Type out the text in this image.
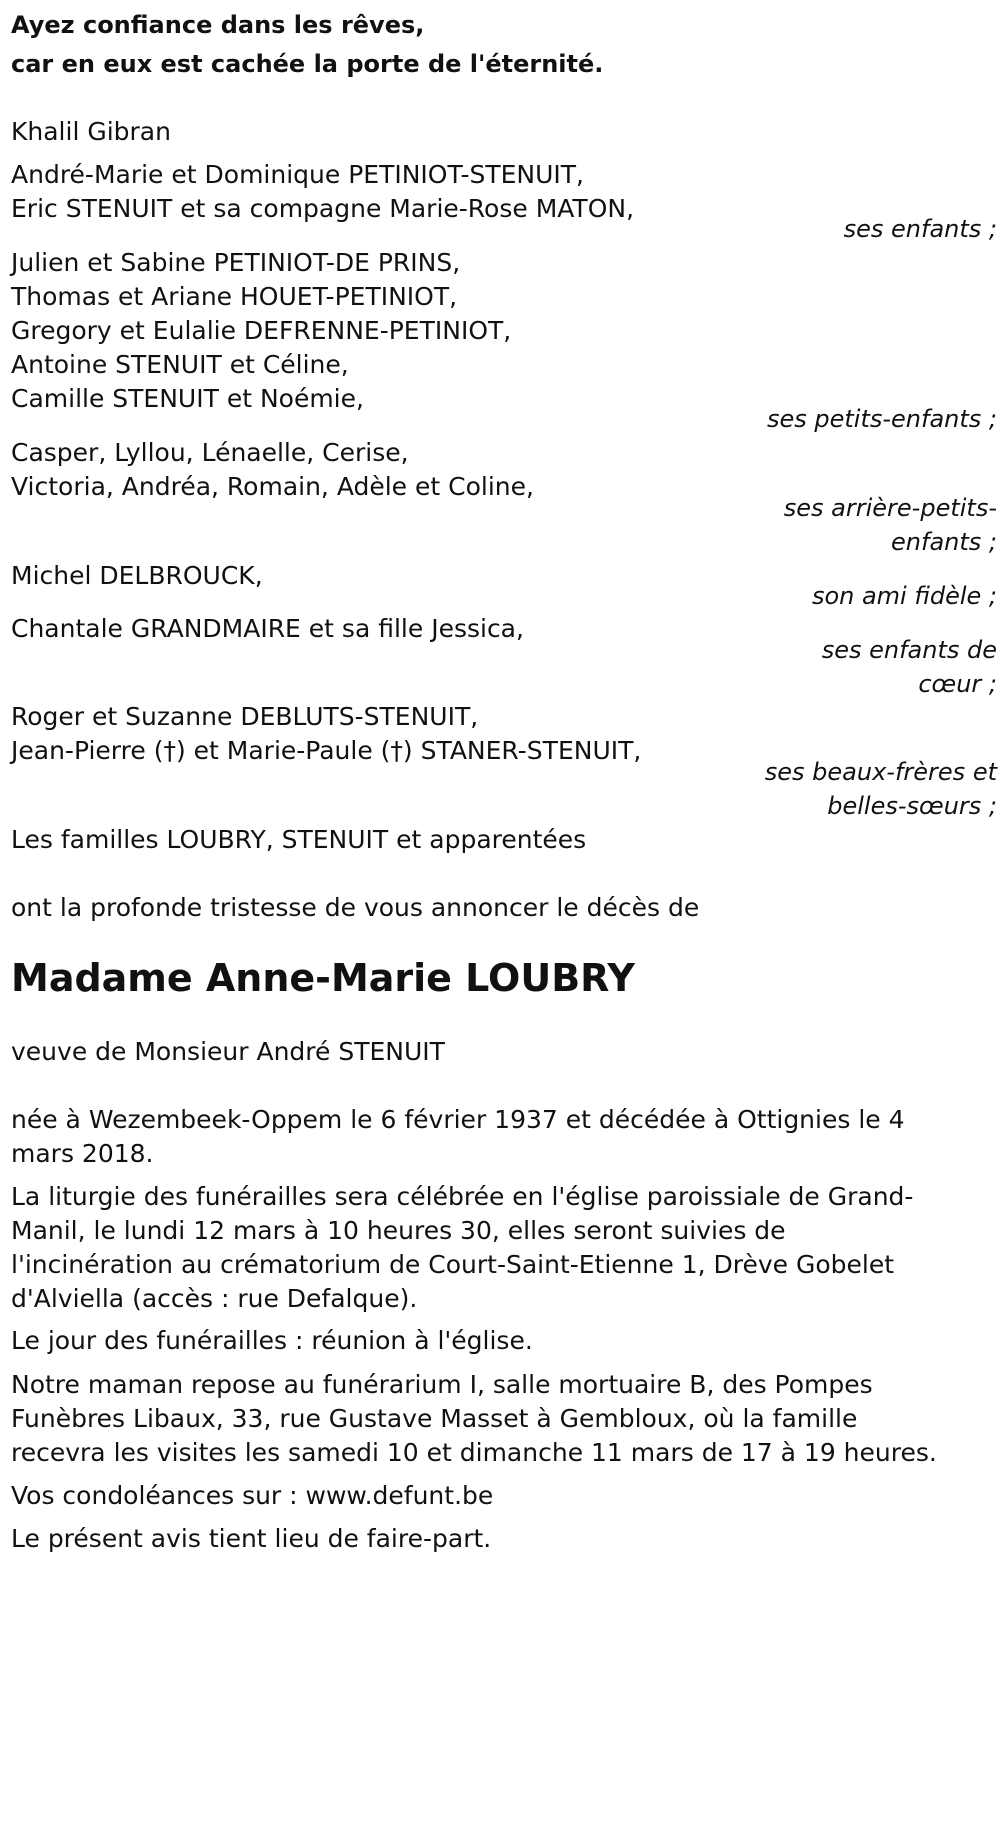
Ayez confiance dans les rêves,
car en eux est cachée la porte de l'éternité.
Khalil Gibran
André-Marie et Dominique PETINIOT-STENUIT,
Eric STENUIT et sa compagne Marie-Rose MATON,
ses enfants ;
Julien et Sabine PETINIOT-DE PRINS,
Thomas et Ariane HOUET-PETINIOT,
Gregory et Eulalie DEFRENNE-PETINIOT,
Antoine STENUIT et Céline,
Camille STENUIT et Noémie,
ses petits-enfants ;
Casper, Lyllou, Lénaelle, Cerise,
Victoria, Andréa, Romain, Adèle et Coline,
ses arrière-petits-
enfants ;
Michel DELBROUCK,
son ami fidèle ;
Chantale GRANDMAIRE et sa fille Jessica,
ses enfants de
cœur ;
Roger et Suzanne DEBLUTS-STENUIT,
Jean-Pierre (†) et Marie-Paule (†) STANER-STENUIT,
ses beaux-frères et
belles-sœurs ;
Les familles LOUBRY, STENUIT et apparentées
ont la profonde tristesse de vous annoncer le décès de
Madame Anne-Marie LOUBRY
veuve de Monsieur André STENUIT
née à Wezembeek-Oppem le 6 février 1937 et décédée à Ottignies le 4
mars 2018.
La liturgie des funérailles sera célébrée en l'église paroissiale de Grand-
Manil, le lundi 12 mars à 10 heures 30, elles seront suivies de
l'incinération au crématorium de Court-Saint-Etienne 1, Drève Gobelet
d'Alviella (accès : rue Defalque).
Le jour des funérailles : réunion à l'église.
Notre maman repose au funérarium I, salle mortuaire B, des Pompes
Funèbres Libaux, 33, rue Gustave Masset à Gembloux, où la famille
recevra les visites les samedi 10 et dimanche 11 mars de 17 à 19 heures.
Vos condoléances sur : www.defunt.be
Le présent avis tient lieu de faire-part.
